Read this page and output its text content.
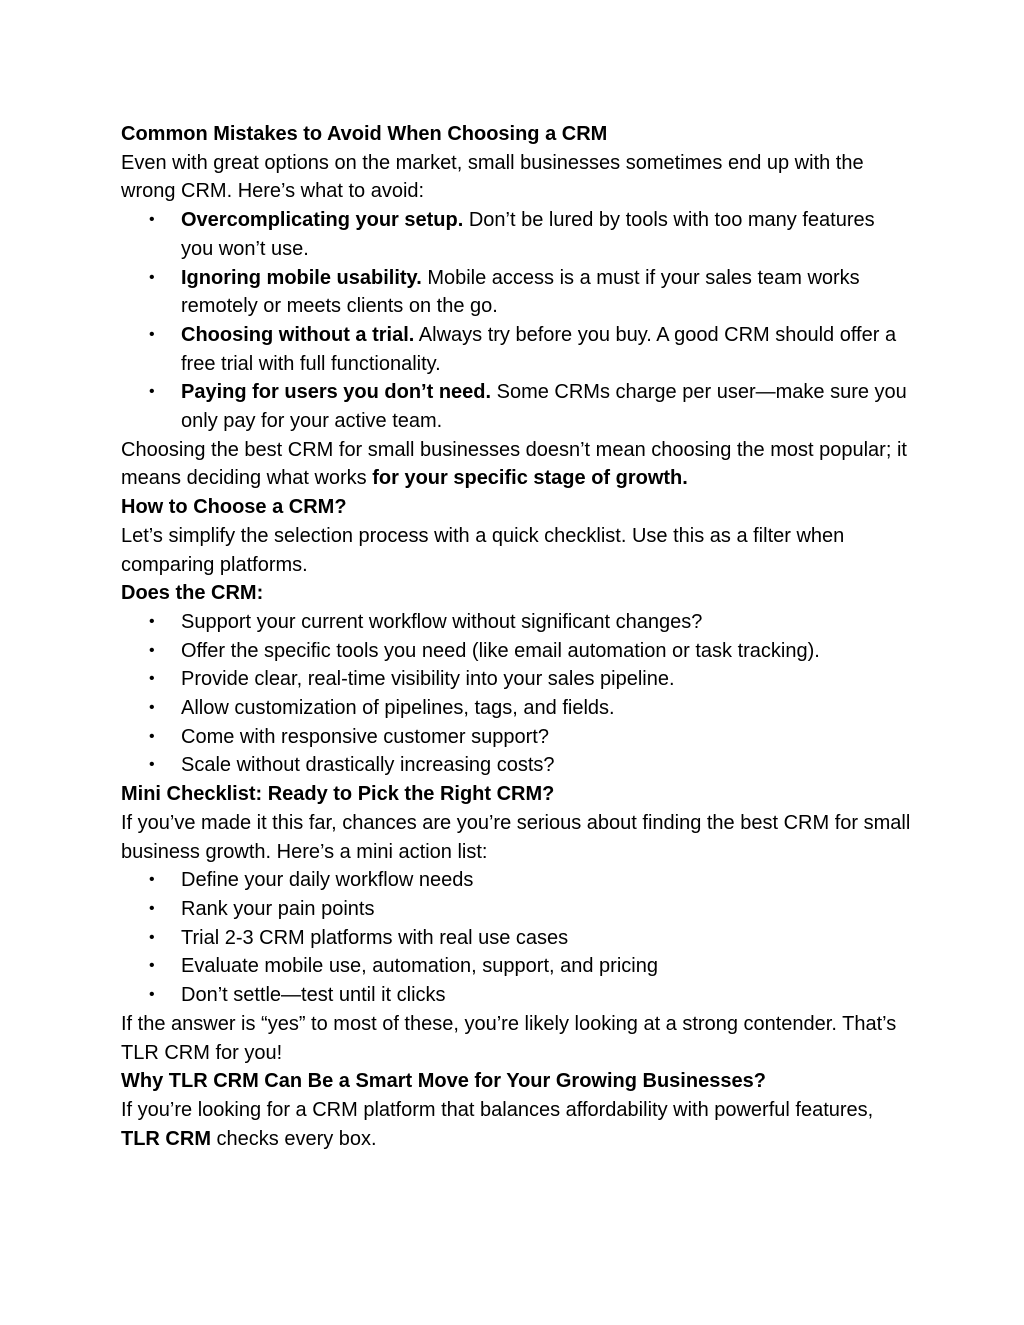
Common Mistakes to Avoid When Choosing a CRM

Even with great options on the market, small businesses sometimes end up with the wrong CRM. Here’s what to avoid:

• Overcomplicating your setup. Don’t be lured by tools with too many features you won’t use.
• Ignoring mobile usability. Mobile access is a must if your sales team works remotely or meets clients on the go.
• Choosing without a trial. Always try before you buy. A good CRM should offer a free trial with full functionality.
• Paying for users you don’t need. Some CRMs charge per user—make sure you only pay for your active team.

Choosing the best CRM for small businesses doesn’t mean choosing the most popular; it means deciding what works for your specific stage of growth.

How to Choose a CRM?

Let’s simplify the selection process with a quick checklist. Use this as a filter when comparing platforms.

Does the CRM:

• Support your current workflow without significant changes?
• Offer the specific tools you need (like email automation or task tracking).
• Provide clear, real-time visibility into your sales pipeline.
• Allow customization of pipelines, tags, and fields.
• Come with responsive customer support?
• Scale without drastically increasing costs?

Mini Checklist: Ready to Pick the Right CRM?

If you’ve made it this far, chances are you’re serious about finding the best CRM for small business growth. Here’s a mini action list:

• Define your daily workflow needs
• Rank your pain points
• Trial 2-3 CRM platforms with real use cases
• Evaluate mobile use, automation, support, and pricing
• Don’t settle—test until it clicks

If the answer is “yes” to most of these, you’re likely looking at a strong contender. That’s TLR CRM for you!

Why TLR CRM Can Be a Smart Move for Your Growing Businesses?

If you’re looking for a CRM platform that balances affordability with powerful features, TLR CRM checks every box.
